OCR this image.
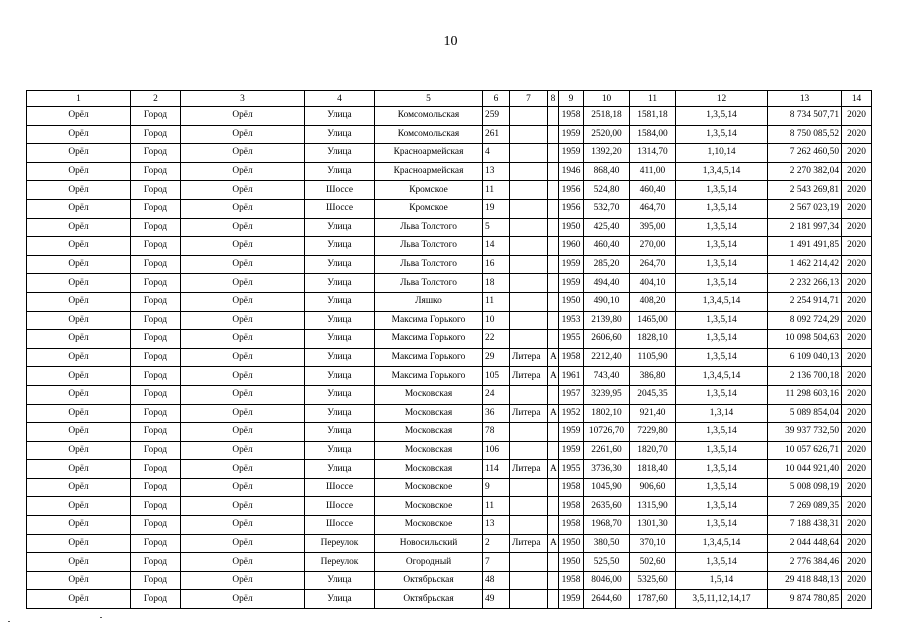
10
1	2	3	4	5	6	7	8	9	10	11	12	13	14
Орёл	Город	Орёл	Улица	Комсомольская	259			1958	2518,18	1581,18	1,3,5,14	8 734 507,71	2020
Орёл	Город	Орёл	Улица	Комсомольская	261			1959	2520,00	1584,00	1,3,5,14	8 750 085,52	2020
Орёл	Город	Орёл	Улица	Красноармейская	4			1959	1392,20	1314,70	1,10,14	7 262 460,50	2020
Орёл	Город	Орёл	Улица	Красноармейская	13			1946	868,40	411,00	1,3,4,5,14	2 270 382,04	2020
Орёл	Город	Орёл	Шоссе	Кромское	11			1956	524,80	460,40	1,3,5,14	2 543 269,81	2020
Орёл	Город	Орёл	Шоссе	Кромское	19			1956	532,70	464,70	1,3,5,14	2 567 023,19	2020
Орёл	Город	Орёл	Улица	Льва Толстого	5			1950	425,40	395,00	1,3,5,14	2 181 997,34	2020
Орёл	Город	Орёл	Улица	Льва Толстого	14			1960	460,40	270,00	1,3,5,14	1 491 491,85	2020
Орёл	Город	Орёл	Улица	Льва Толстого	16			1959	285,20	264,70	1,3,5,14	1 462 214,42	2020
Орёл	Город	Орёл	Улица	Льва Толстого	18			1959	494,40	404,10	1,3,5,14	2 232 266,13	2020
Орёл	Город	Орёл	Улица	Ляшко	11			1950	490,10	408,20	1,3,4,5,14	2 254 914,71	2020
Орёл	Город	Орёл	Улица	Максима Горького	10			1953	2139,80	1465,00	1,3,5,14	8 092 724,29	2020
Орёл	Город	Орёл	Улица	Максима Горького	22			1955	2606,60	1828,10	1,3,5,14	10 098 504,63	2020
Орёл	Город	Орёл	Улица	Максима Горького	29	Литера	А	1958	2212,40	1105,90	1,3,5,14	6 109 040,13	2020
Орёл	Город	Орёл	Улица	Максима Горького	105	Литера	А	1961	743,40	386,80	1,3,4,5,14	2 136 700,18	2020
Орёл	Город	Орёл	Улица	Московская	24			1957	3239,95	2045,35	1,3,5,14	11 298 603,16	2020
Орёл	Город	Орёл	Улица	Московская	36	Литера	А	1952	1802,10	921,40	1,3,14	5 089 854,04	2020
Орёл	Город	Орёл	Улица	Московская	78			1959	10726,70	7229,80	1,3,5,14	39 937 732,50	2020
Орёл	Город	Орёл	Улица	Московская	106			1959	2261,60	1820,70	1,3,5,14	10 057 626,71	2020
Орёл	Город	Орёл	Улица	Московская	114	Литера	А	1955	3736,30	1818,40	1,3,5,14	10 044 921,40	2020
Орёл	Город	Орёл	Шоссе	Московское	9			1958	1045,90	906,60	1,3,5,14	5 008 098,19	2020
Орёл	Город	Орёл	Шоссе	Московское	11			1958	2635,60	1315,90	1,3,5,14	7 269 089,35	2020
Орёл	Город	Орёл	Шоссе	Московское	13			1958	1968,70	1301,30	1,3,5,14	7 188 438,31	2020
Орёл	Город	Орёл	Переулок	Новосильский	2	Литера	А	1950	380,50	370,10	1,3,4,5,14	2 044 448,64	2020
Орёл	Город	Орёл	Переулок	Огородный	7			1950	525,50	502,60	1,3,5,14	2 776 384,46	2020
Орёл	Город	Орёл	Улица	Октябрьская	48			1958	8046,00	5325,60	1,5,14	29 418 848,13	2020
Орёл	Город	Орёл	Улица	Октябрьская	49			1959	2644,60	1787,60	3,5,11,12,14,17	9 874 780,85	2020
